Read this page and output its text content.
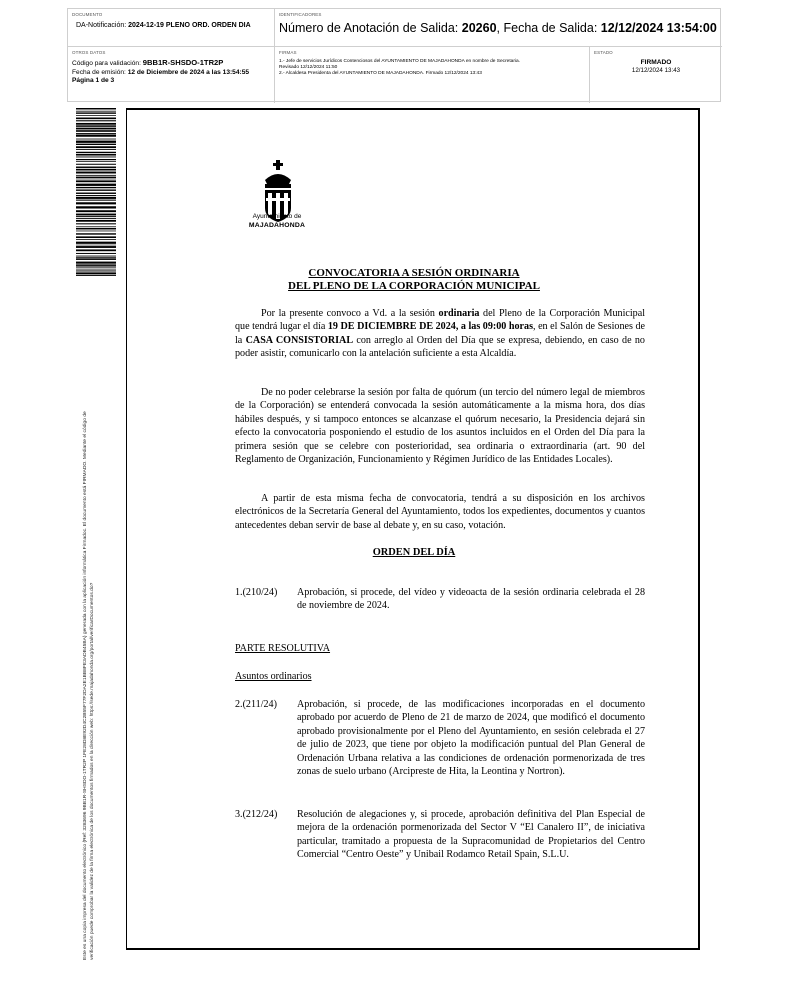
DOCUMENTO
DA-Notificación: 2024-12-19 PLENO ORD. ORDEN DIA
IDENTIFICADORES
Número de Anotación de Salida: 20260, Fecha de Salida: 12/12/2024 13:54:00
OTROS DATOS
Código para validación: 9BB1R-SHSDO-1TR2P
Fecha de emisión: 12 de Diciembre de 2024 a las 13:54:55
Página 1 de 3
FIRMAS
1.- Jefe de servicios Jurídicos Contenciosos del AYUNTAMIENTO DE MAJADAHONDA en nombre de Secretaria.
Revisado 12/12/2024 11:50
2.- Alcaldesa Presidenta del AYUNTAMIENTO DE MAJADAHONDA. Firmado 12/12/2024 13:43
ESTADO
FIRMADO
12/12/2024 13:43
Este es una copia impresa del documento electrónico (Ref: 3283696 9BB1R-SHSDO-1TR2P 1FE28D8E92D4C2B55F77F2DA2E1BB8FE3ADB45BA) generada con la aplicación informática Firmadoc. El documento está FIRMADO. Mediante el código de verificación puede comprobar la validez de la firma electrónica de los documentos firmados en la dirección web: https://sede.majadahonda.org/portal/verificarDocumentos.do?
Ayuntamiento de
MAJADAHONDA
CONVOCATORIA A SESIÓN ORDINARIA
DEL PLENO DE LA CORPORACIÓN MUNICIPAL
Por la presente convoco a Vd. a la sesión ordinaria del Pleno de la Corporación Municipal que tendrá lugar el día 19 DE DICIEMBRE DE 2024, a las 09:00 horas, en el Salón de Sesiones de la CASA CONSISTORIAL con arreglo al Orden del Día que se expresa, debiendo, en caso de no poder asistir, comunicarlo con la antelación suficiente a esta Alcaldía.
De no poder celebrarse la sesión por falta de quórum (un tercio del número legal de miembros de la Corporación) se entenderá convocada la sesión automáticamente a la misma hora, dos días hábiles después, y si tampoco entonces se alcanzase el quórum necesario, la Presidencia dejará sin efecto la convocatoria posponiendo el estudio de los asuntos incluidos en el Orden del Día para la primera sesión que se celebre con posterioridad, sea ordinaria o extraordinaria (art. 90 del Reglamento de Organización, Funcionamiento y Régimen Jurídico de las Entidades Locales).
A partir de esta misma fecha de convocatoria, tendrá a su disposición en los archivos electrónicos de la Secretaría General del Ayuntamiento, todos los expedientes, documentos y cuantos antecedentes deban servir de base al debate y, en su caso, votación.
ORDEN DEL DÍA
1.(210/24) Aprobación, si procede, del vídeo y videoacta de la sesión ordinaria celebrada el 28 de noviembre de 2024.
PARTE RESOLUTIVA
Asuntos ordinarios
2.(211/24) Aprobación, si procede, de las modificaciones incorporadas en el documento aprobado por acuerdo de Pleno de 21 de marzo de 2024, que modificó el documento aprobado provisionalmente por el Pleno del Ayuntamiento, en sesión celebrada el 27 de julio de 2023, que tiene por objeto la modificación puntual del Plan General de Ordenación Urbana relativa a las condiciones de ordenación pormenorizada de tres zonas de suelo urbano (Arcipreste de Hita, la Leontina y Nortron).
3.(212/24) Resolución de alegaciones y, si procede, aprobación definitiva del Plan Especial de mejora de la ordenación pormenorizada del Sector V “El Canalero II”, de iniciativa particular, tramitado a propuesta de la Supracomunidad de Propietarios del Centro Comercial “Centro Oeste” y Unibail Rodamco Retail Spain, S.L.U.
